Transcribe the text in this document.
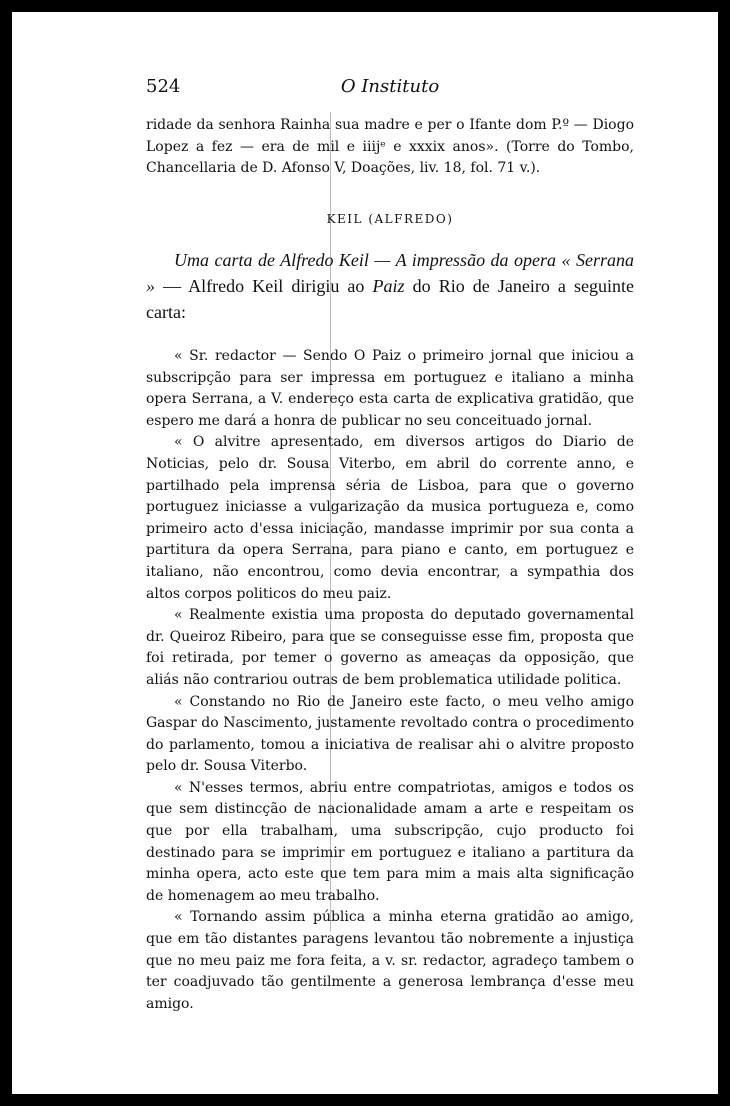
524	O Instituto

ridade da senhora Rainha sua madre e per o Ifante dom P.º — Diogo Lopez a fez — era de mil e iiijᵉ e xxxix anos». (Torre do Tombo, Chancellaria de D. Afonso V, Doações, liv. 18, fol. 71 v.).

KEIL (ALFREDO)

Uma carta de Alfredo Keil — A impressão da opera « Serrana » — Alfredo Keil dirigiu ao Paiz do Rio de Janeiro a seguinte carta:

« Sr. redactor — Sendo O Paiz o primeiro jornal que iniciou a subscripção para ser impressa em portuguez e italiano a minha opera Serrana, a V. endereço esta carta de explicativa gratidão, que espero me dará a honra de publicar no seu conceituado jornal.

« O alvitre apresentado, em diversos artigos do Diario de Noticias, pelo dr. Sousa Viterbo, em abril do corrente anno, e partilhado pela imprensa séria de Lisboa, para que o governo portuguez iniciasse a vulgarização da musica portugueza e, como primeiro acto d'essa iniciação, mandasse imprimir por sua conta a partitura da opera Serrana, para piano e canto, em portuguez e italiano, não encontrou, como devia encontrar, a sympathia dos altos corpos politicos do meu paiz.

« Realmente existia uma proposta do deputado governamental dr. Queiroz Ribeiro, para que se conseguisse esse fim, proposta que foi retirada, por temer o governo as ameaças da opposição, que aliás não contrariou outras de bem problematica utilidade politica.

« Constando no Rio de Janeiro este facto, o meu velho amigo Gaspar do Nascimento, justamente revoltado contra o procedimento do parlamento, tomou a iniciativa de realisar ahi o alvitre proposto pelo dr. Sousa Viterbo.

« N'esses termos, abriu entre compatriotas, amigos e todos os que sem distincção de nacionalidade amam a arte e respeitam os que por ella trabalham, uma subscripção, cujo producto foi destinado para se imprimir em portuguez e italiano a partitura da minha opera, acto este que tem para mim a mais alta significação de homenagem ao meu trabalho.

« Tornando assim pública a minha eterna gratidão ao amigo, que em tão distantes paragens levantou tão nobremente a injustiça que no meu paiz me fora feita, a v. sr. redactor, agradeço tambem o ter coadjuvado tão gentilmente a generosa lembrança d'esse meu amigo.
